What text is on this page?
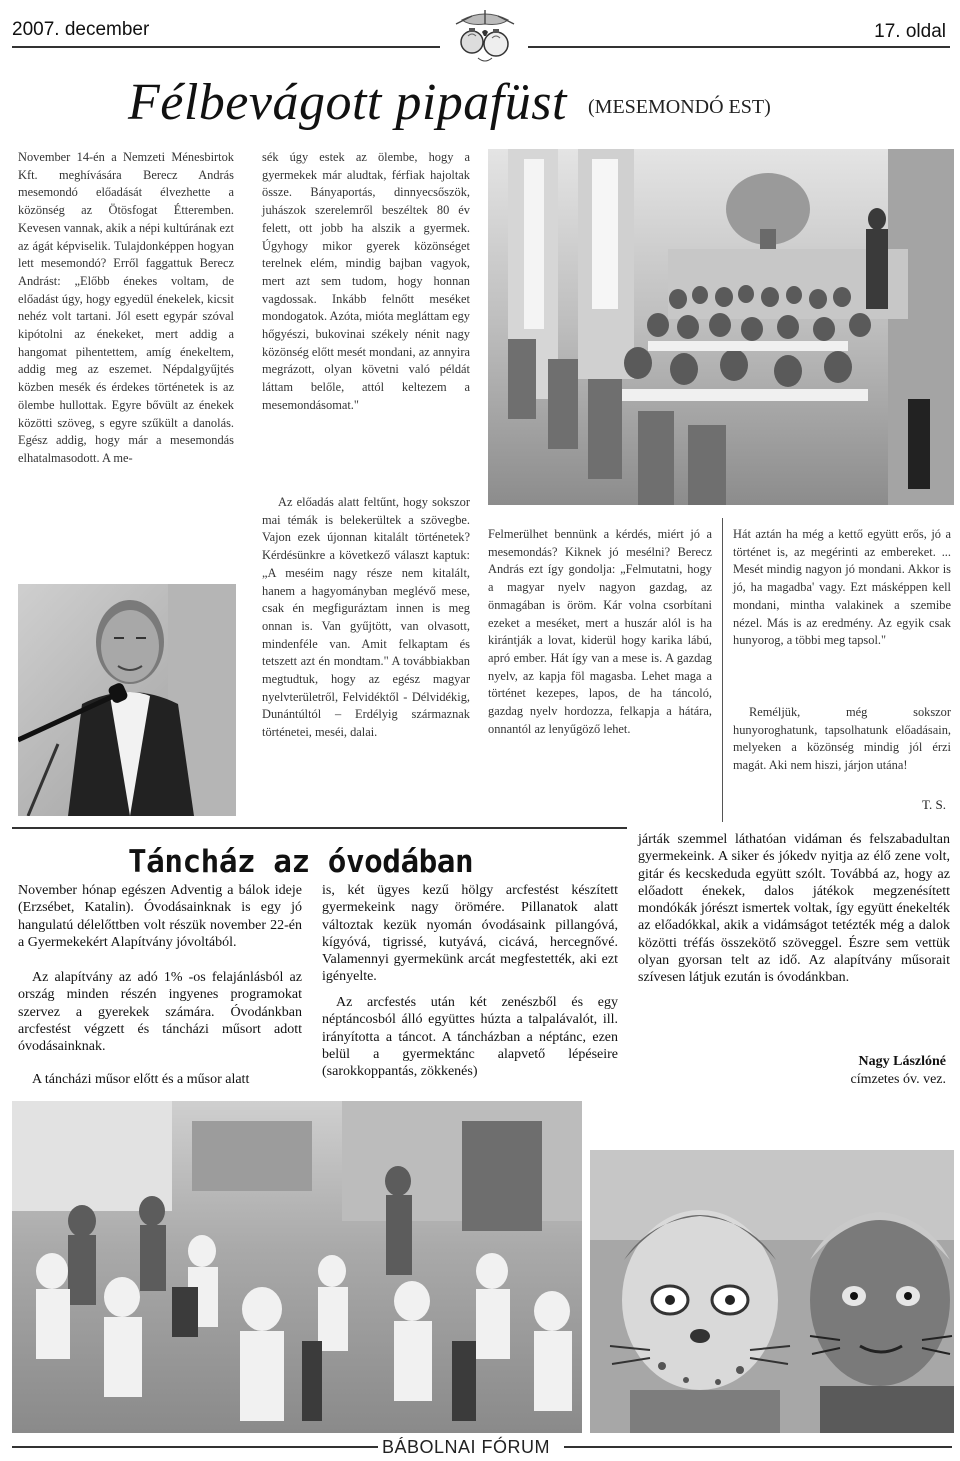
2007. december	17. oldal
Félbevágott pipafüst (MESEMONDÓ EST)
November 14-én a Nemzeti Ménesbirtok Kft. meghívására Berecz András mesemondó előadását élvezhette a közönség az Ötösfogat Étteremben. Kevesen vannak, akik a népi kultúrának ezt az ágát képviselik. Tulajdonképpen hogyan lett mesemondó? Erről faggattuk Berecz Andrást: „Előbb énekes voltam, de előadást úgy, hogy egyedül énekelek, kicsit nehéz volt tartani. Jól esett egypár szóval kipótolni az énekeket, mert addig a hangomat pihentettem, amíg énekeltem, addig meg az eszemet. Népdalgyűjtés közben mesék és érdekes történetek is az ölembe hullottak. Egyre bővült az énekek közötti szöveg, s egyre szűkült a danolás. Egész addig, hogy már a mesemondás elhatalmasodott. A me-
sék úgy estek az ölembe, hogy a gyermekek már aludtak, férfiak hajoltak össze. Bányaportás, dinnyecsőszök, juhászok szerelemről beszéltek 80 év felett, ott jobb ha alszik a gyermek. Úgyhogy mikor gyerek közönséget terelnek elém, mindig bajban vagyok, mert azt sem tudom, hogy honnan vagdossak. Inkább felnőtt meséket mondogatok. Azóta, mióta megláttam egy hőgyészi, bukovinai székely nénit nagy közönség előtt mesét mondani, az annyira megrázott, olyan követni való példát láttam belőle, attól keltezem a mesemondásomat."
Az előadás alatt feltűnt, hogy sokszor mai témák is belekerültek a szövegbe. Vajon ezek újonnan kitalált történetek? Kérdésünkre a következő választ kaptuk: „A meséim nagy része nem kitalált, hanem a hagyományban meglévő mese, csak én megfiguráztam innen is meg onnan is. Van gyűjtött, van olvasott, mindenféle van. Amit felkaptam és tetszett azt én mondtam." A továbbiakban megtudtuk, hogy az egész magyar nyelvterületről, Felvidéktől - Délvidékig, Dunántúltól – Erdélyig származnak történetei, meséi, dalai.
Felmerülhet bennünk a kérdés, miért jó a mesemondás? Kiknek jó mesélni? Berecz András ezt így gondolja: „Felmutatni, hogy a magyar nyelv nagyon gazdag, az önmagában is öröm. Kár volna csorbítani ezeket a meséket, mert a huszár alól is ha kirántják a lovat, kiderül hogy karika lábú, apró ember. Hát így van a mese is. A gazdag nyelv, az kapja föl magasba. Lehet maga a történet kezepes, lapos, de ha táncoló, gazdag nyelv hordozza, felkapja a hátára, onnantól az lenyűgöző lehet.
Hát aztán ha még a kettő együtt erős, jó a történet is, az megérinti az embereket. ... Mesét mindig nagyon jó mondani. Akkor is jó, ha magadba' vagy. Ezt másképpen kell mondani, mintha valakinek a szemibe nézel. Más is az eredmény. Az egyik csak hunyorog, a többi meg tapsol."
Reméljük, még sokszor hunyoroghatunk, tapsolhatunk előadásain, melyeken a közönség mindig jól érzi magát. Aki nem hiszi, járjon utána!
T. S.
Táncház az óvodában
November hónap egészen Adventig a bálok ideje (Erzsébet, Katalin). Óvodásainknak is egy jó hangulatú délelőttben volt részük november 22-én a Gyermekekért Alapítvány jóvoltából.
Az alapítvány az adó 1% -os felajánlásból az ország minden részén ingyenes programokat szervez a gyerekek számára. Óvodánkban arcfestést végzett és táncházi műsort adott óvodásainknak.
A táncházi műsor előtt és a műsor alatt
is, két ügyes kezű hölgy arcfestést készített gyermekeink nagy örömére. Pillanatok alatt változtak kezük nyomán óvodásaink pillangóvá, kígyóvá, tigrissé, kutyává, cicává, hercegnővé. Valamennyi gyermekünk arcát megfestették, aki ezt igényelte.
Az arcfestés után két zenészből és egy néptáncosból álló együttes húzta a talpalávalót, ill. irányította a táncot. A táncházban a néptánc, ezen belül a gyermektánc alapvető lépéseire (sarokkoppantás, zökkenés)
járták szemmel láthatóan vidáman és felszabadultan gyermekeink. A siker és jókedv nyitja az élő zene volt, gitár és kecskeduda együtt szólt. Továbbá az, hogy az előadott énekek, dalos játékok megzenésített mondókák jórészt ismertek voltak, így együtt énekelték az előadókkal, akik a vidámságot tetézték még a dalok közötti tréfás összekötő szöveggel. Észre sem vettük olyan gyorsan telt az idő. Az alapítvány műsorait szívesen látjuk ezután is óvodánkban.
Nagy Lászlóné
címzetes óv. vez.
BÁBOLNAI FÓRUM
